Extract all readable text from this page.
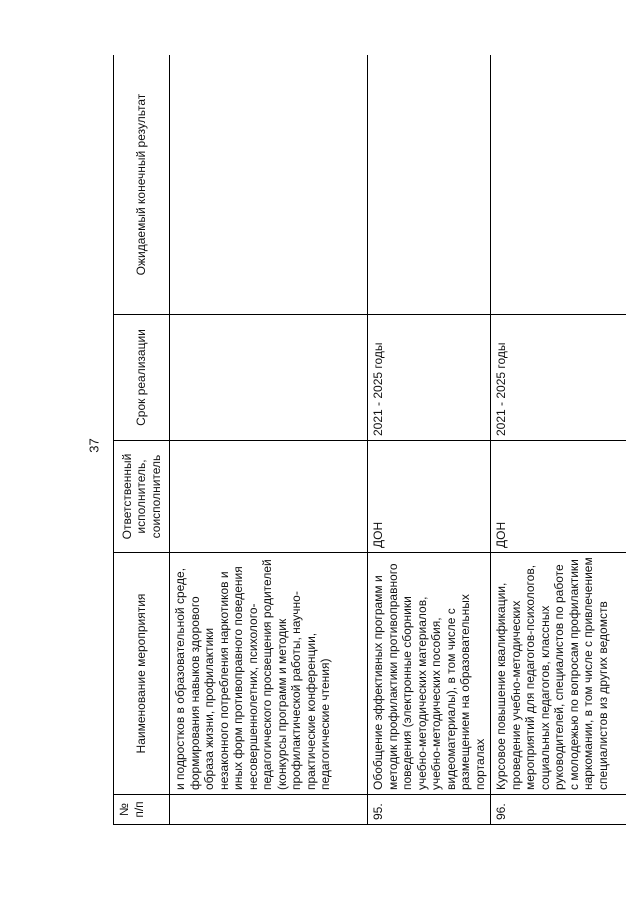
37
№ п/п	Наименование мероприятия	Ответственный исполнитель, соисполнитель	Срок реализации	Ожидаемый конечный результат
	и подростков в образовательной среде, формирования навыков здорового образа жизни, профилактики незаконного потребления наркотиков и иных форм противоправного поведения несовершеннолетних, психолого-педагогического просвещения родителей (конкурсы программ и методик профилактической работы, научно-практические конференции, педагогические чтения)			
95.	Обобщение эффективных программ и методик профилактики противоправного поведения (электронные сборники учебно-методических материалов, учебно-методических пособия, видеоматериалы), в том числе с размещением на образовательных порталах	ДОН	2021 - 2025 годы	
96.	Курсовое повышение квалификации, проведение учебно-методических мероприятий для педагогов-психологов, социальных педагогов, классных руководителей, специалистов по работе с молодежью по вопросам профилактики наркомании, в том числе с привлечением специалистов из других ведомств	ДОН	2021 - 2025 годы	
